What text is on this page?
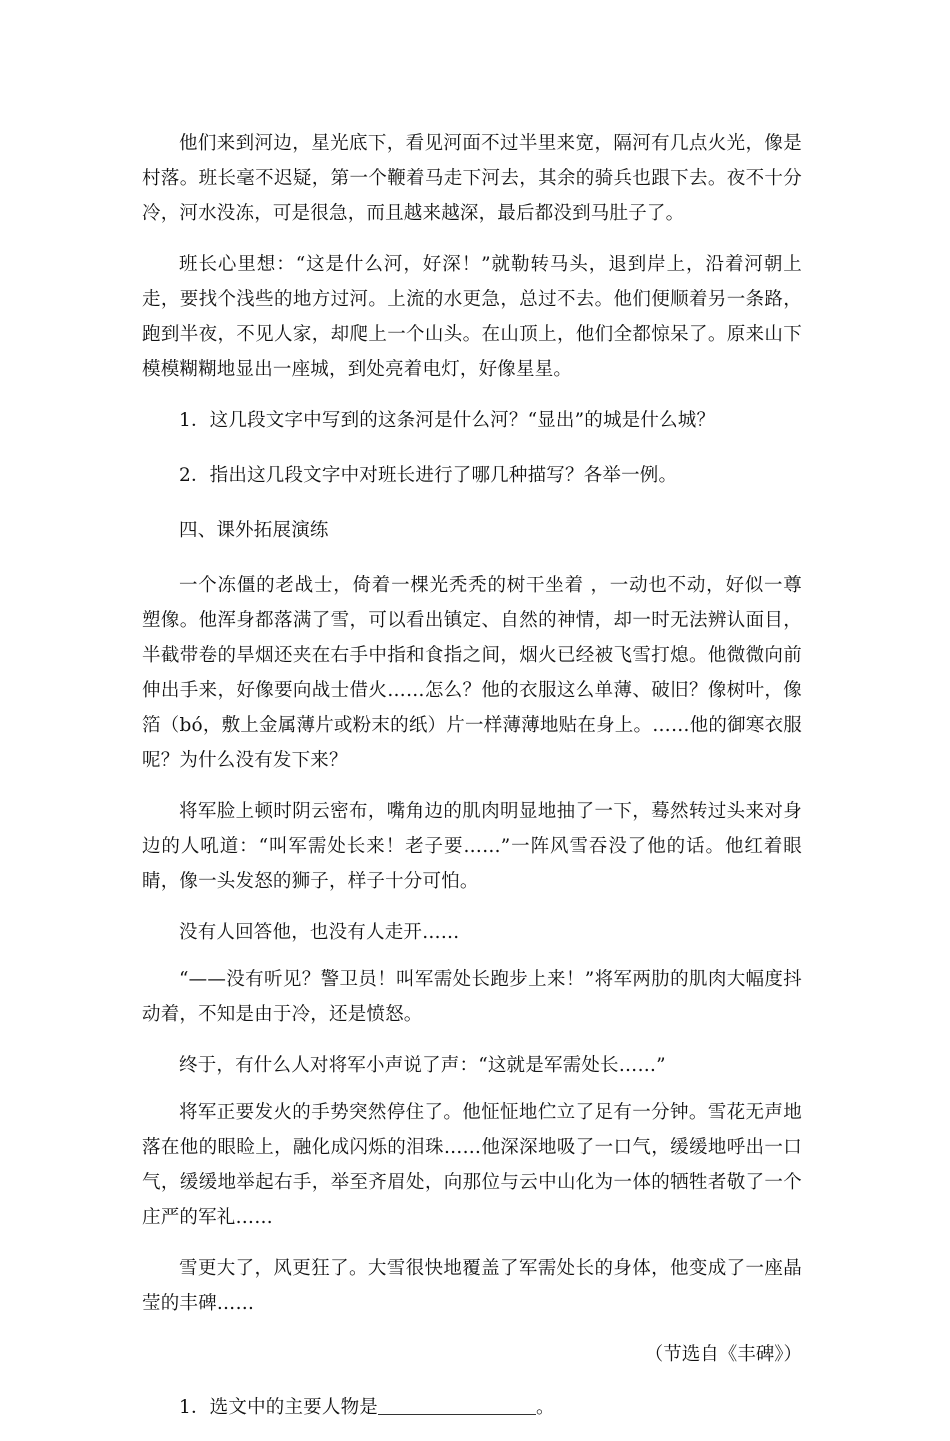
他们来到河边，星光底下，看见河面不过半里来宽，隔河有几点火光，像是村落。班长毫不迟疑，第一个鞭着马走下河去，其余的骑兵也跟下去。夜不十分冷，河水没冻，可是很急，而且越来越深，最后都没到马肚子了。

班长心里想：“这是什么河，好深！”就勒转马头，退到岸上，沿着河朝上走，要找个浅些的地方过河。上流的水更急，总过不去。他们便顺着另一条路，跑到半夜，不见人家，却爬上一个山头。在山顶上，他们全都惊呆了。原来山下模模糊糊地显出一座城，到处亮着电灯，好像星星。

1．这几段文字中写到的这条河是什么河？“显出”的城是什么城？

2．指出这几段文字中对班长进行了哪几种描写？各举一例。

四、课外拓展演练

一个冻僵的老战士，倚着一棵光秃秃的树干坐着 ，一动也不动，好似一尊塑像。他浑身都落满了雪，可以看出镇定、自然的神情，却一时无法辨认面目，半截带卷的旱烟还夹在右手中指和食指之间，烟火已经被飞雪打熄。他微微向前伸出手来，好像要向战士借火……怎么？他的衣服这么单薄、破旧？像树叶，像箔（bó，敷上金属薄片或粉末的纸）片一样薄薄地贴在身上。……他的御寒衣服呢？为什么没有发下来？

将军脸上顿时阴云密布，嘴角边的肌肉明显地抽了一下，蓦然转过头来对身边的人吼道：“叫军需处长来！老子要……”一阵风雪吞没了他的话。他红着眼睛，像一头发怒的狮子，样子十分可怕。

没有人回答他，也没有人走开……

“——没有听见？警卫员！叫军需处长跑步上来！”将军两肋的肌肉大幅度抖动着，不知是由于冷，还是愤怒。

终于，有什么人对将军小声说了声：“这就是军需处长……”

将军正要发火的手势突然停住了。他怔怔地伫立了足有一分钟。雪花无声地落在他的眼睑上，融化成闪烁的泪珠……他深深地吸了一口气，缓缓地呼出一口气，缓缓地举起右手，举至齐眉处，向那位与云中山化为一体的牺牲者敬了一个庄严的军礼……

雪更大了，风更狂了。大雪很快地覆盖了军需处长的身体，他变成了一座晶莹的丰碑……

（节选自《丰碑》）

1．选文中的主要人物是	。
